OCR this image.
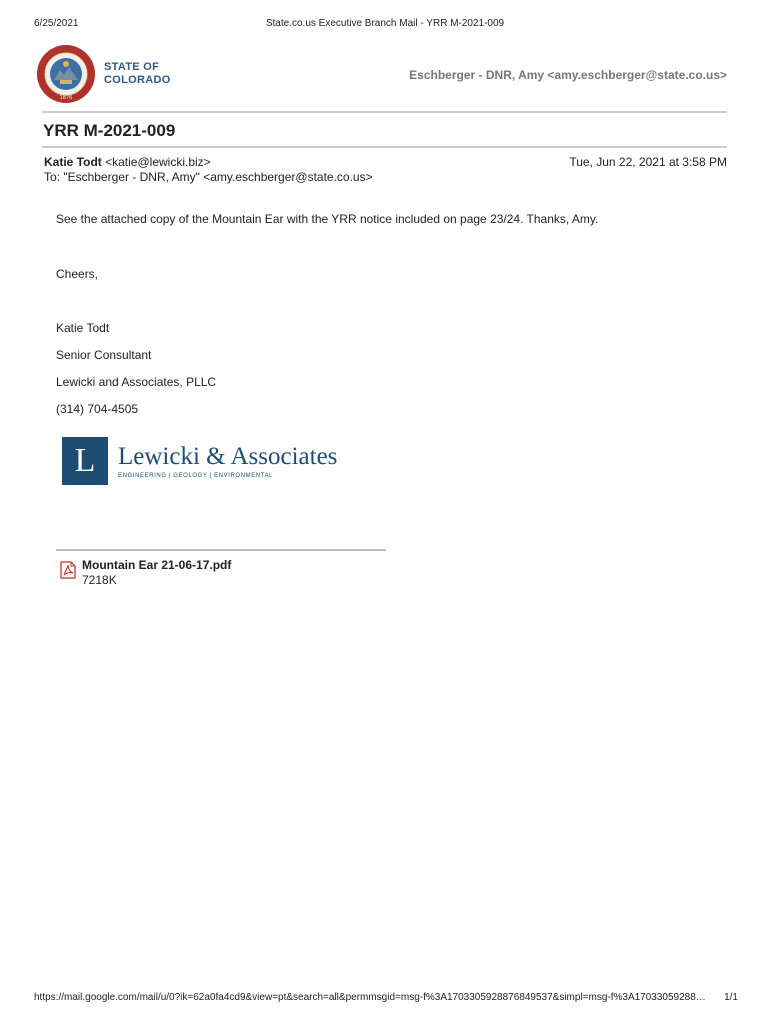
6/25/2021	State.co.us Executive Branch Mail - YRR M-2021-009
1876
STATE OF
COLORADO	Eschberger - DNR, Amy <amy.eschberger@state.co.us>
YRR M-2021-009
Katie Todt <katie@lewicki.biz>
To: "Eschberger - DNR, Amy" <amy.eschberger@state.co.us>
Tue, Jun 22, 2021 at 3:58 PM
See the attached copy of the Mountain Ear with the YRR notice included on page 23/24. Thanks, Amy.
Cheers,
Katie Todt
Senior Consultant
Lewicki and Associates, PLLC
(314) 704-4505
L Lewicki & Associates
ENGINEERING | GEOLOGY | ENVIRONMENTAL
Mountain Ear 21-06-17.pdf
7218K
https://mail.google.com/mail/u/0?ik=62a0fa4cd9&view=pt&search=all&permmsgid=msg-f%3A1703305928876849537&simpl=msg-f%3A17033059288…	1/1
